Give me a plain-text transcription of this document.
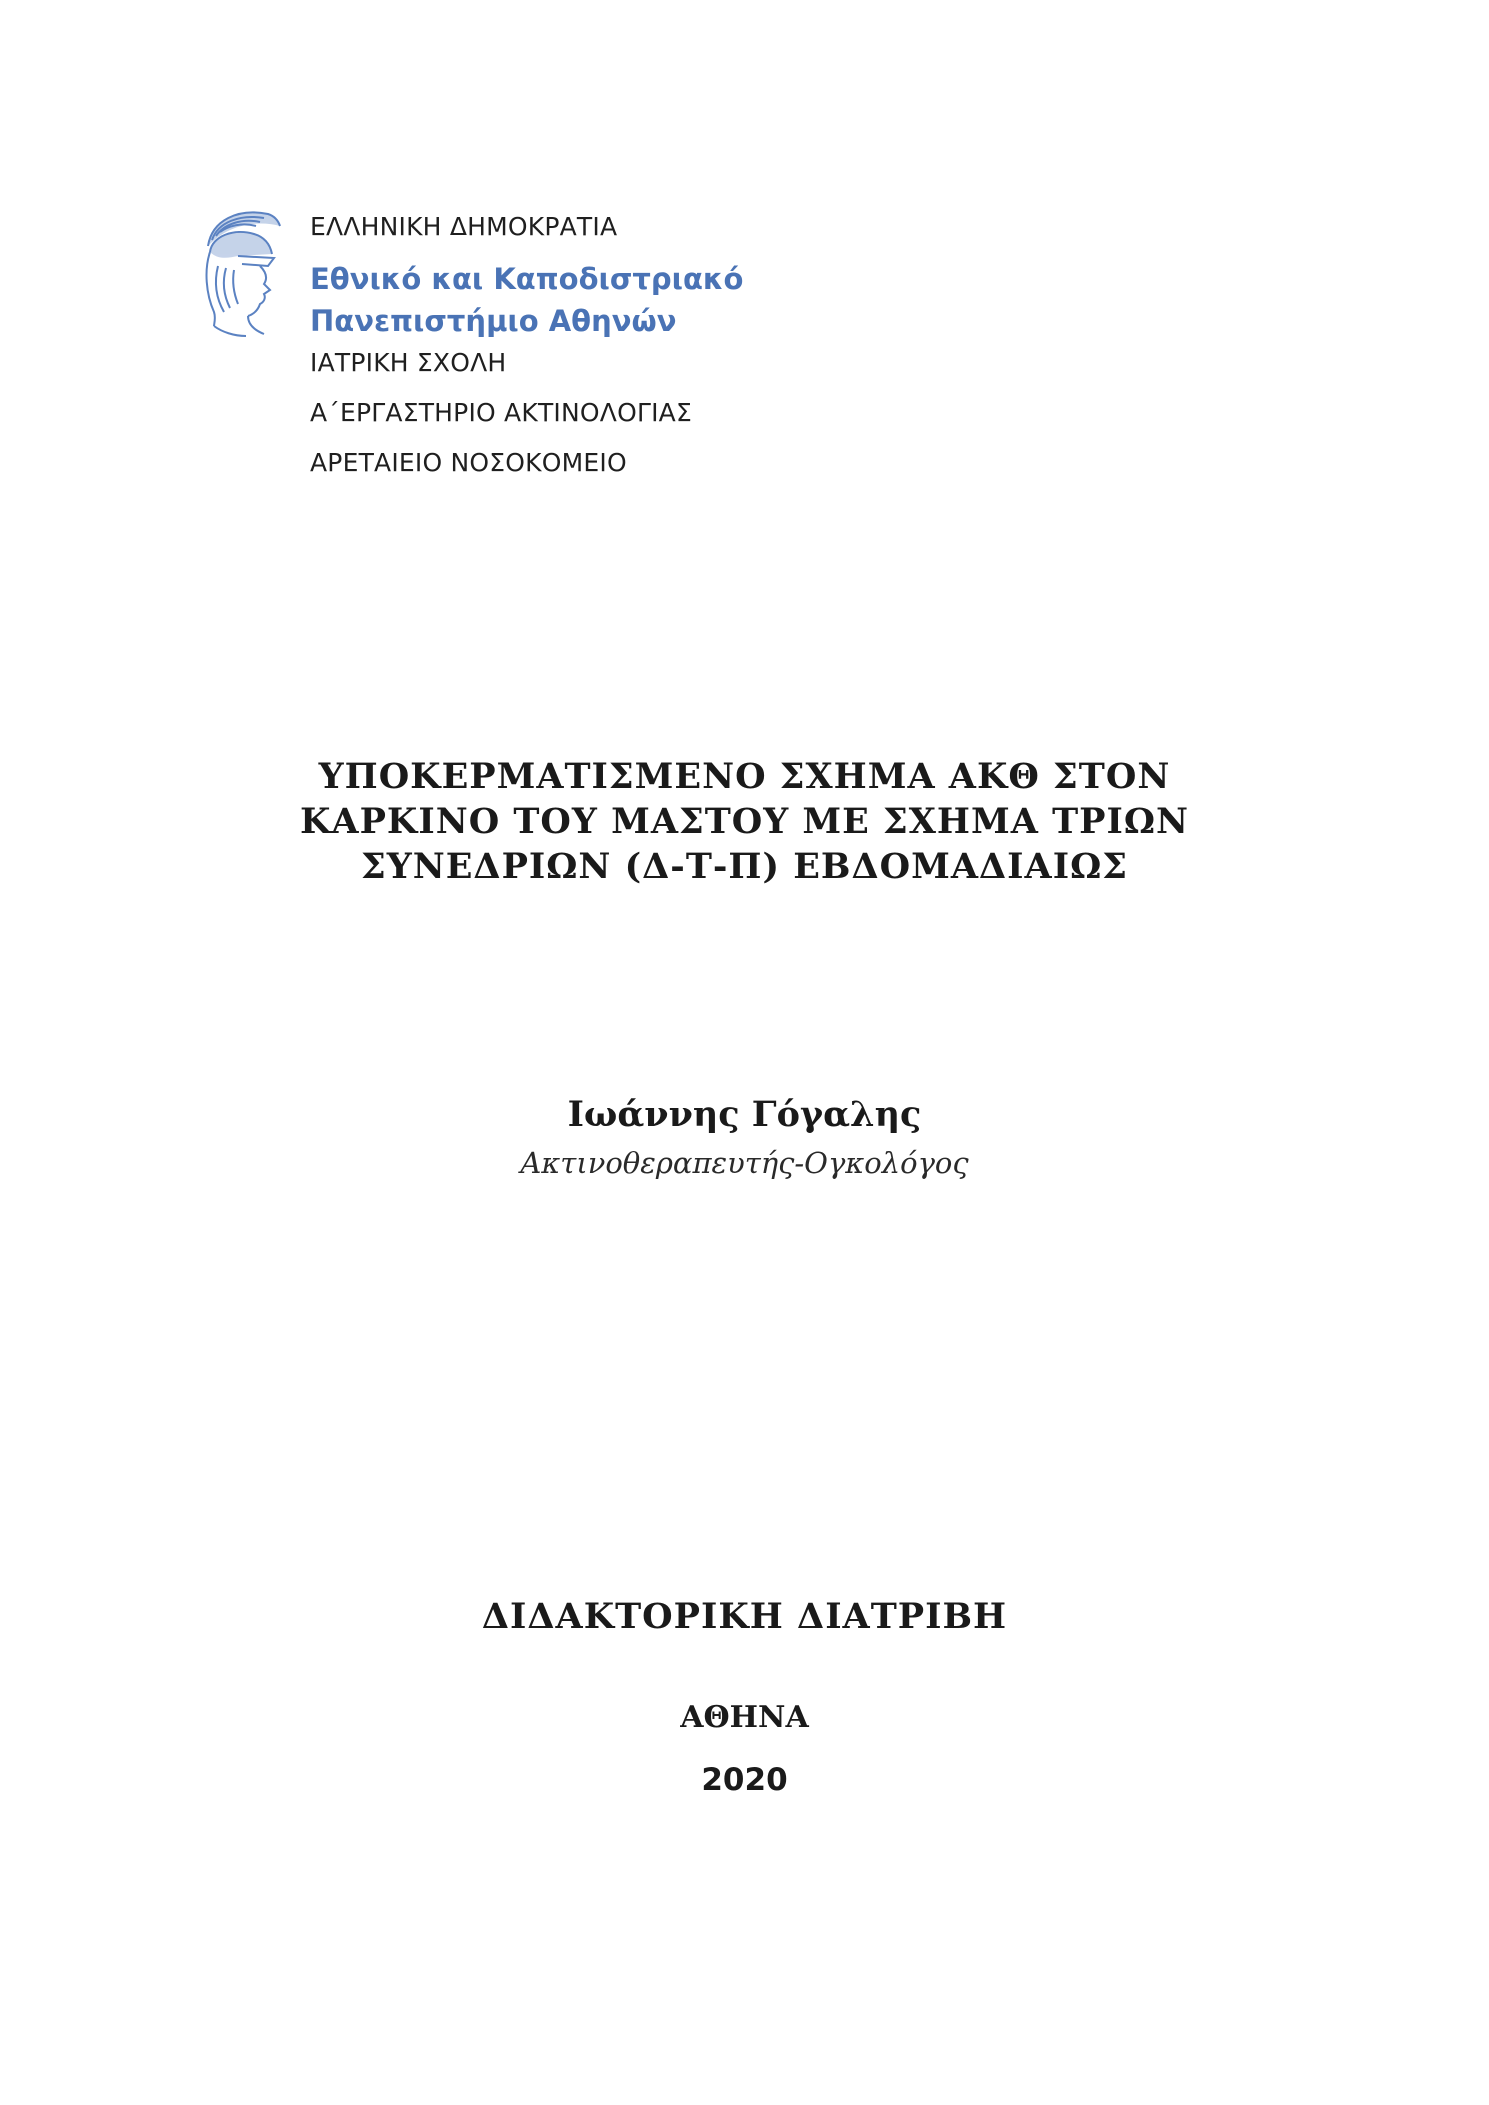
ΕΛΛΗΝΙΚΗ ΔΗΜΟΚΡΑΤΙΑ
Εθνικό και Καποδιστριακό
Πανεπιστήμιο Αθηνών
ΙΑΤΡΙΚΗ ΣΧΟΛΗ
Α΄ΕΡΓΑΣΤΗΡΙΟ ΑΚΤΙΝΟΛΟΓΙΑΣ
ΑΡΕΤΑΙΕΙΟ ΝΟΣΟΚΟΜΕΙΟ
ΥΠΟΚΕΡΜΑΤΙΣΜΕΝΟ ΣΧΗΜΑ ΑΚΘ ΣΤΟΝ
ΚΑΡΚΙΝΟ ΤΟΥ ΜΑΣΤΟΥ ΜΕ ΣΧΗΜΑ ΤΡΙΩΝ
ΣΥΝΕΔΡΙΩΝ (Δ-Τ-Π) ΕΒΔΟΜΑΔΙΑΙΩΣ
Ιωάννης Γόγαλης
Ακτινοθεραπευτής-Ογκολόγος
ΔΙΔΑΚΤΟΡΙΚΗ ΔΙΑΤΡΙΒΗ
ΑΘΗΝΑ
2020
